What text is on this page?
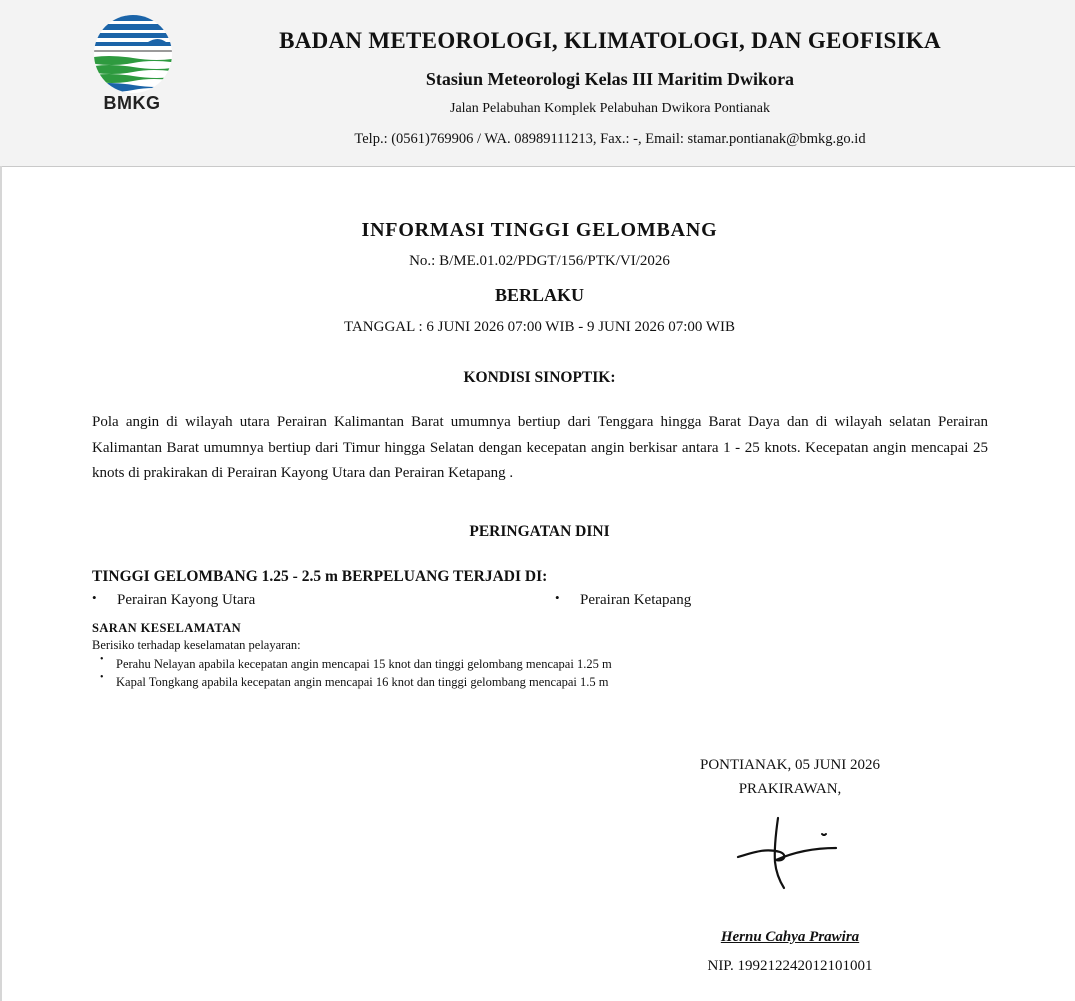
BMKG
BADAN METEOROLOGI, KLIMATOLOGI, DAN GEOFISIKA
Stasiun Meteorologi Kelas III Maritim Dwikora
Jalan Pelabuhan Komplek Pelabuhan Dwikora Pontianak
Telp.: (0561)769906 / WA. 08989111213, Fax.: -, Email: stamar.pontianak@bmkg.go.id
INFORMASI TINGGI GELOMBANG
No.: B/ME.01.02/PDGT/156/PTK/VI/2026
BERLAKU
TANGGAL : 6 JUNI 2026 07:00 WIB - 9 JUNI 2026 07:00 WIB
KONDISI SINOPTIK:
Pola angin di wilayah utara Perairan Kalimantan Barat umumnya bertiup dari Tenggara hingga Barat Daya dan di wilayah selatan Perairan Kalimantan Barat umumnya bertiup dari Timur hingga Selatan dengan kecepatan angin berkisar antara 1 - 25 knots. Kecepatan angin mencapai 25 knots di prakirakan di Perairan Kayong Utara dan Perairan Ketapang .
PERINGATAN DINI
TINGGI GELOMBANG 1.25 - 2.5 m BERPELUANG TERJADI DI:
• Perairan Kayong Utara	• Perairan Ketapang
SARAN KESELAMATAN
Berisiko terhadap keselamatan pelayaran:
• Perahu Nelayan apabila kecepatan angin mencapai 15 knot dan tinggi gelombang mencapai 1.25 m
• Kapal Tongkang apabila kecepatan angin mencapai 16 knot dan tinggi gelombang mencapai 1.5 m
PONTIANAK, 05 JUNI 2026
PRAKIRAWAN,
Hernu Cahya Prawira
NIP. 199212242012101001
